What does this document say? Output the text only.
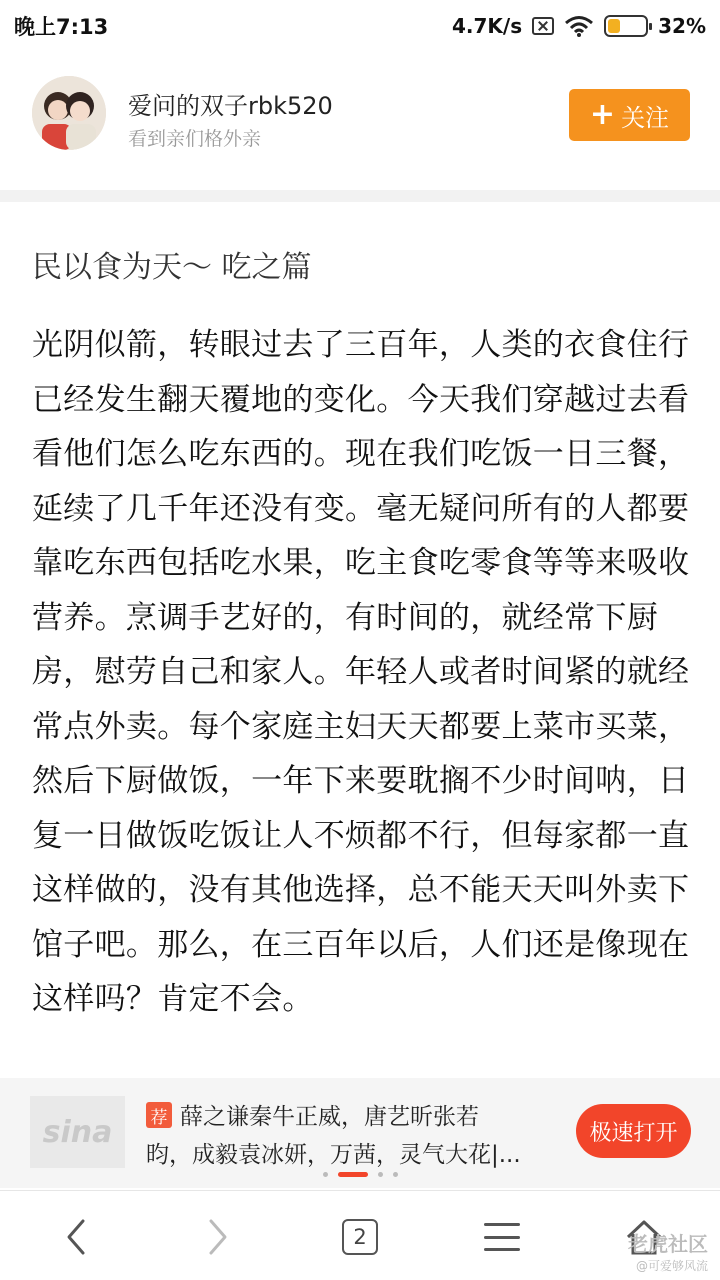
晚上7:13	4.7K/s	32%
爱问的双子rbk520
看到亲们格外亲
+ 关注
民以食为天～ 吃之篇
光阴似箭，转眼过去了三百年，人类的衣食住行已经发生翻天覆地的变化。今天我们穿越过去看看他们怎么吃东西的。现在我们吃饭一日三餐，延续了几千年还没有变。毫无疑问所有的人都要靠吃东西包括吃水果，吃主食吃零食等等来吸收营养。烹调手艺好的，有时间的，就经常下厨房，慰劳自己和家人。年轻人或者时间紧的就经常点外卖。每个家庭主妇天天都要上菜市买菜，然后下厨做饭，一年下来要耽搁不少时间呐，日复一日做饭吃饭让人不烦都不行，但每家都一直这样做的，没有其他选择，总不能天天叫外卖下馆子吧。那么，在三百年以后，人们还是像现在这样吗？肯定不会。
sina 荐 薛之谦秦牛正威，唐艺昕张若
昀，成毅袁冰妍，万茜，灵气大花|...
极速打开
2	老虎社区
@可爱够风流
